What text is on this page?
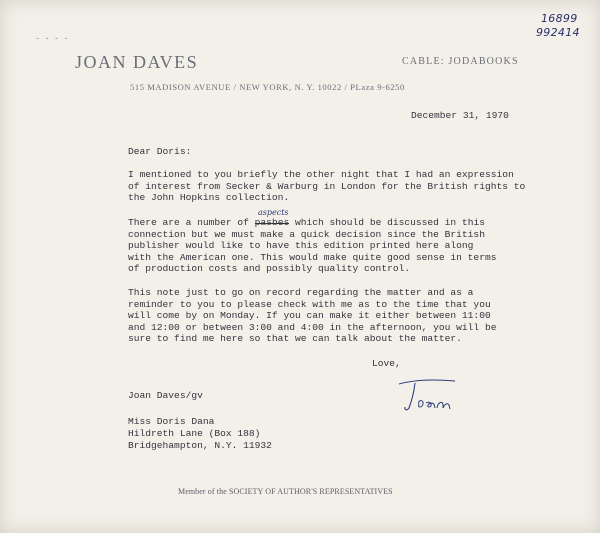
16899
992414
- - - -
JOAN DAVES	CABLE: JODABOOKS
515 MADISON AVENUE / NEW YORK, N. Y. 10022 / PLaza 9-6250
December 31, 1970
Dear Doris:
I mentioned to you briefly the other night that I had an expression
of interest from Secker & Warburg in London for the British rights to
the John Hopkins collection.
aspects
There are a number of pasbes which should be discussed in this
connection but we must make a quick decision since the British
publisher would like to have this edition printed here along
with the American one. This would make quite good sense in terms
of production costs and possibly quality control.
This note just to go on record regarding the matter and as a
reminder to you to please check with me as to the time that you
will come by on Monday. If you can make it either between 11:00
and 12:00 or between 3:00 and 4:00 in the afternoon, you will be
sure to find me here so that we can talk about the matter.
Love,
Joan Daves/gv
Miss Doris Dana
Hildreth Lane (Box 188)
Bridgehampton, N.Y. 11932
Member of the SOCIETY OF AUTHOR'S REPRESENTATIVES
